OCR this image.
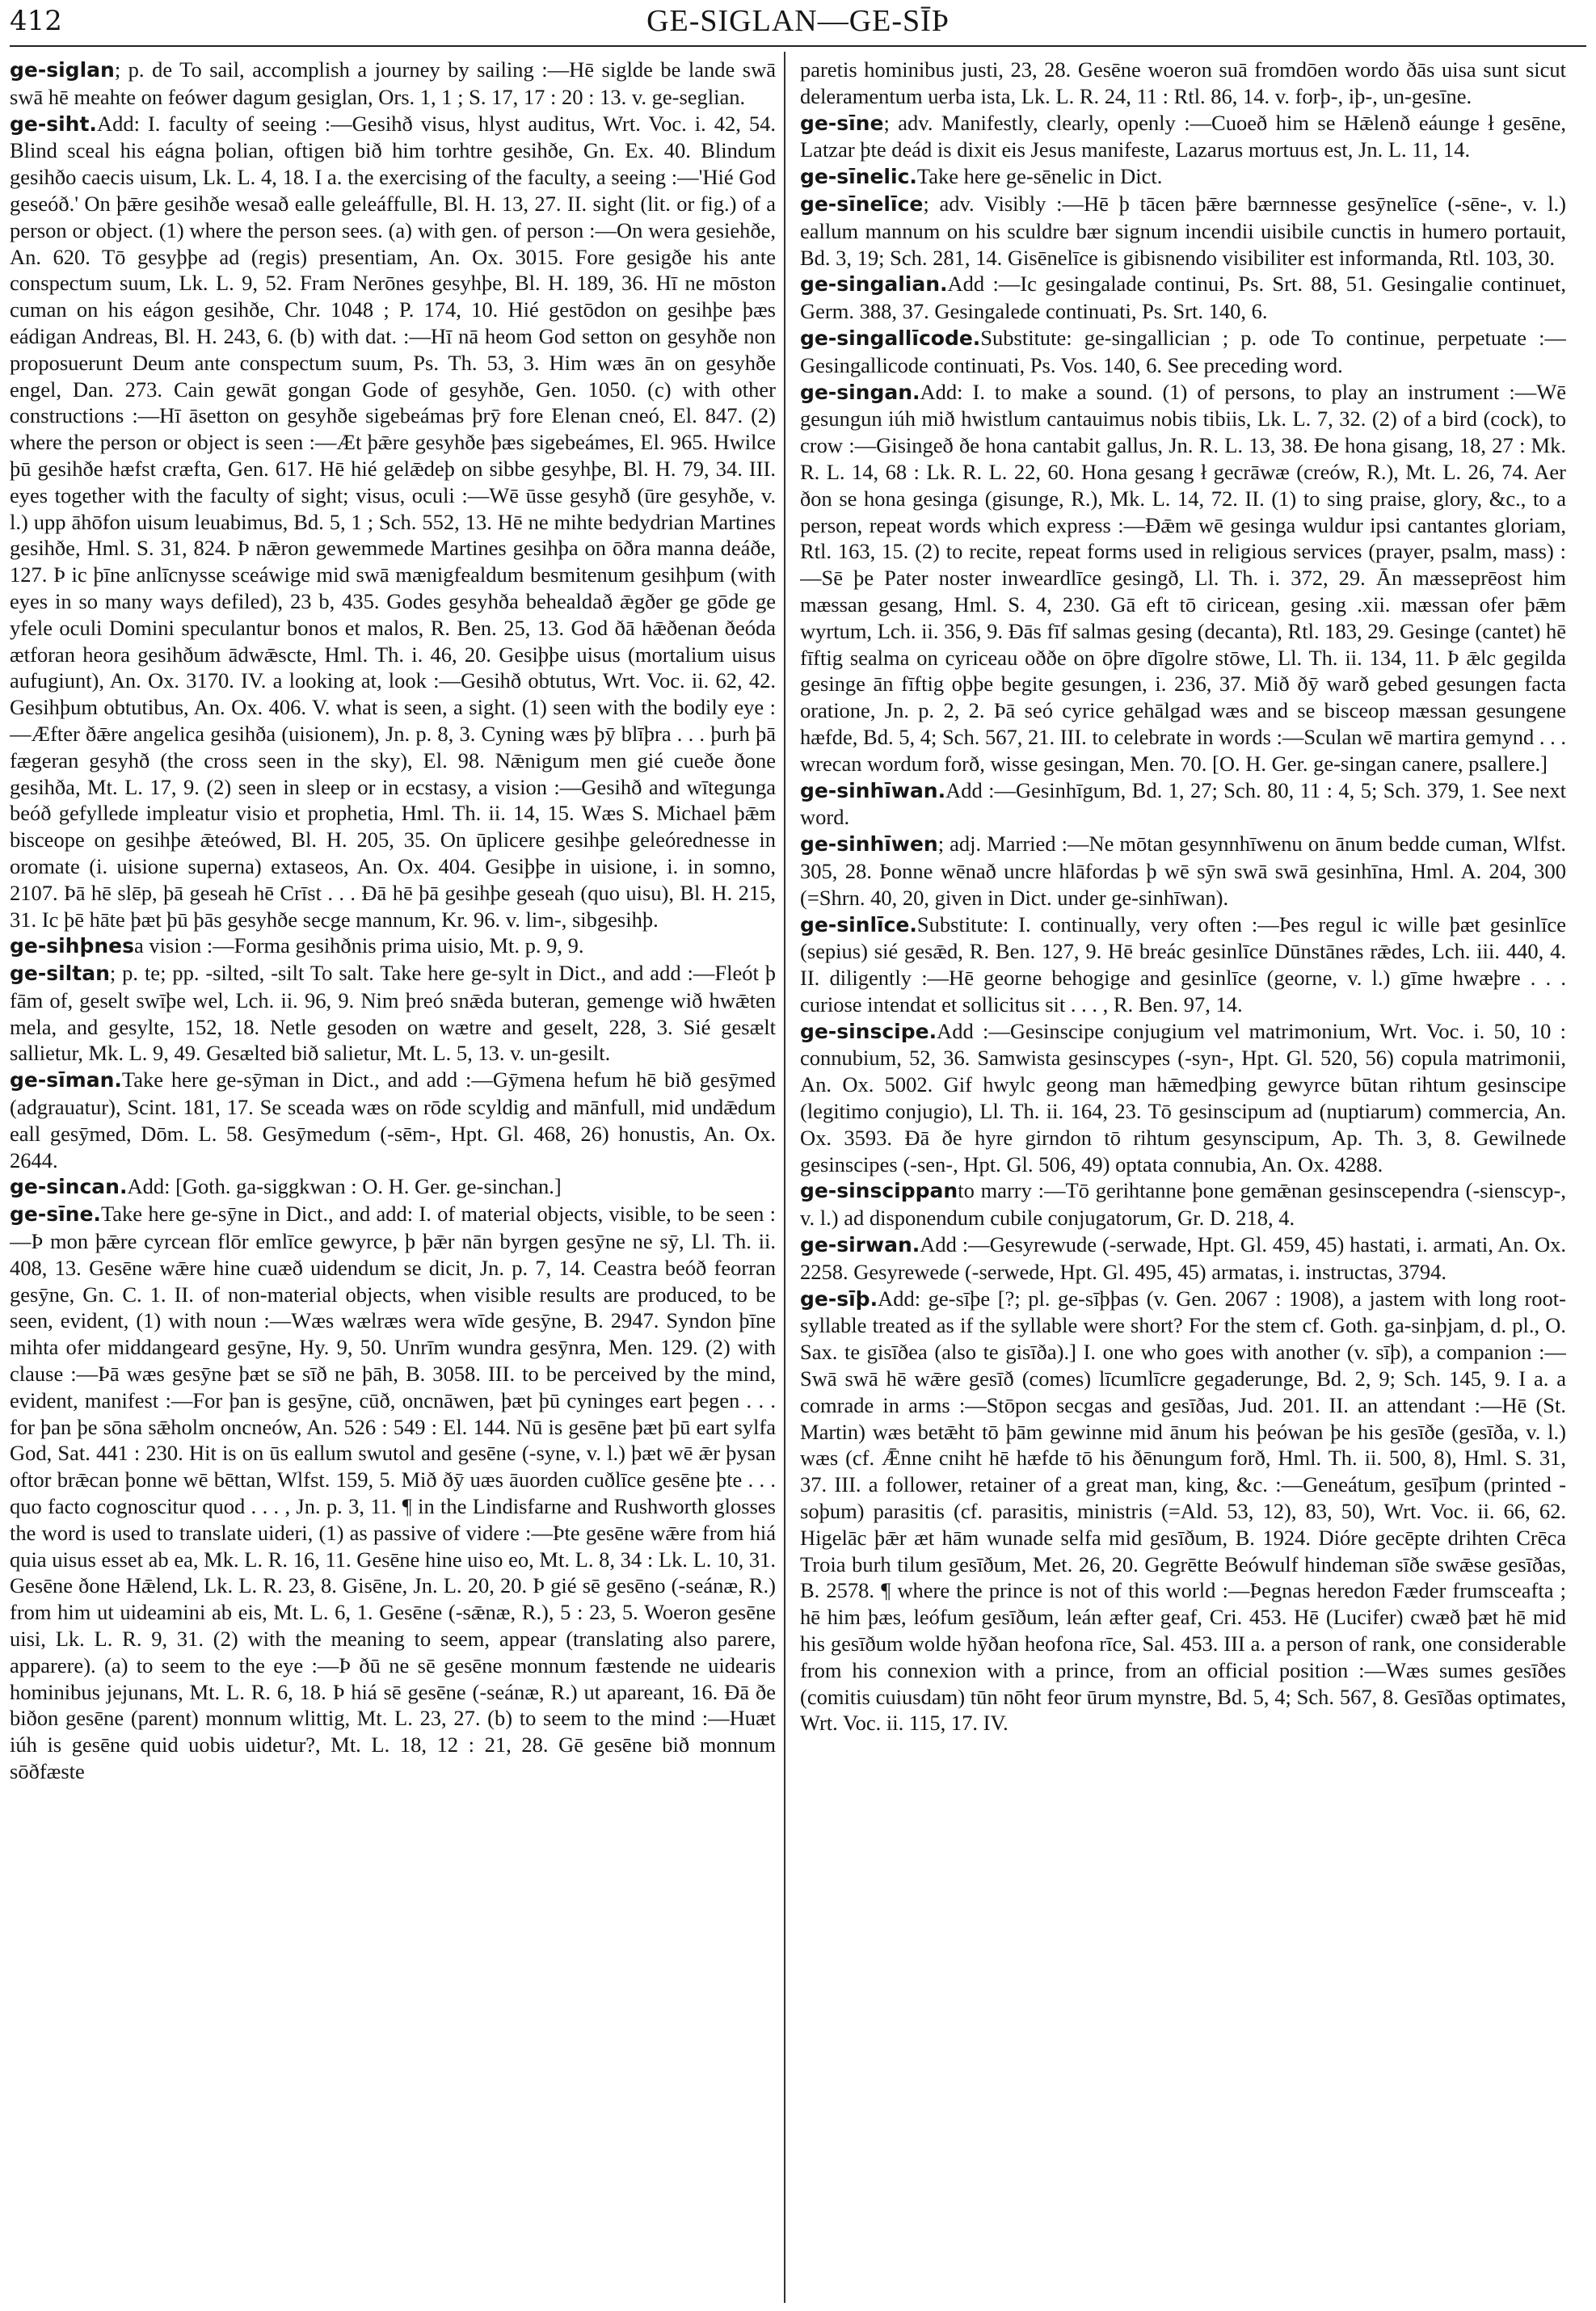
412	GE-SIGLAN—GE-SĪÞ

ge-siglan; p. de To sail, accomplish a journey by sailing :—Hē siglde be lande swā swā hē meahte on feówer dagum gesiglan, Ors. 1, 1 ; S. 17, 17 : 20 : 13. v. ge-seglian.

ge-siht.Add: I. faculty of seeing :—Gesihð visus, hlyst auditus, Wrt. Voc. i. 42, 54. Blind sceal his eágna þolian, oftigen bið him torhtre gesihðe, Gn. Ex. 40. Blindum gesihðo caecis uisum, Lk. L. 4, 18. I a. the exercising of the faculty, a seeing :—'Hié God geseóð.' On þǣre gesihðe wesað ealle geleáffulle, Bl. H. 13, 27. II. sight (lit. or fig.) of a person or object. (1) where the person sees. (a) with gen. of person :—On wera gesiehðe, An. 620. Tō gesyþþe ad (regis) presentiam, An. Ox. 3015. Fore gesigðe his ante conspectum suum, Lk. L. 9, 52. Fram Nerōnes gesyhþe, Bl. H. 189, 36. Hī ne mōston cuman on his eágon gesihðe, Chr. 1048 ; P. 174, 10. Hié gestōdon on gesihþe þæs eádigan Andreas, Bl. H. 243, 6. (b) with dat. :—Hī nā heom God setton on gesyhðe non proposuerunt Deum ante conspectum suum, Ps. Th. 53, 3. Him wæs ān on gesyhðe engel, Dan. 273. Cain gewāt gongan Gode of gesyhðe, Gen. 1050. (c) with other constructions :—Hī āsetton on gesyhðe sigebeámas þrȳ fore Elenan cneó, El. 847. (2) where the person or object is seen :—Æt þǣre gesyhðe þæs sigebeámes, El. 965. Hwilce þū gesihðe hæfst cræfta, Gen. 617. Hē hié gelǣdeþ on sibbe gesyhþe, Bl. H. 79, 34. III. eyes together with the faculty of sight; visus, oculi :—Wē ūsse gesyhð (ūre gesyhðe, v. l.) upp āhōfon uisum leuabimus, Bd. 5, 1 ; Sch. 552, 13. Hē ne mihte bedydrian Martines gesihðe, Hml. S. 31, 824. Þ nǣron gewemmede Martines gesihþa on ōðra manna deáðe, 127. Þ ic þīne anlīcnysse sceáwige mid swā mænigfealdum besmitenum gesihþum (with eyes in so many ways defiled), 23 b, 435. Godes gesyhða behealdað ǣgðer ge gōde ge yfele oculi Domini speculantur bonos et malos, R. Ben. 25, 13. God ðā hǣðenan ðeóda ætforan heora gesihðum ādwǣscte, Hml. Th. i. 46, 20. Gesiþþe uisus (mortalium uisus aufugiunt), An. Ox. 3170. IV. a looking at, look :—Gesihð obtutus, Wrt. Voc. ii. 62, 42. Gesihþum obtutibus, An. Ox. 406. V. what is seen, a sight. (1) seen with the bodily eye :—Æfter ðǣre angelica gesihða (uisionem), Jn. p. 8, 3. Cyning wæs þȳ blīþra . . . þurh þā fægeran gesyhð (the cross seen in the sky), El. 98. Nǣnigum men gié cueðe ðone gesihða, Mt. L. 17, 9. (2) seen in sleep or in ecstasy, a vision :—Gesihð and wītegunga beóð gefyllede impleatur visio et prophetia, Hml. Th. ii. 14, 15. Wæs S. Michael þǣm bisceope on gesihþe ǣteówed, Bl. H. 205, 35. On ūplicere gesihþe geleórednesse in oromate (i. uisione superna) extaseos, An. Ox. 404. Gesiþþe in uisione, i. in somno, 2107. Þā hē slēp, þā geseah hē Crīst . . . Ðā hē þā gesihþe geseah (quo uisu), Bl. H. 215, 31. Ic þē hāte þæt þū þās gesyhðe secge mannum, Kr. 96. v. lim-, sibgesihþ.

ge-sihþnesa vision :—Forma gesihðnis prima uisio, Mt. p. 9, 9.

ge-siltan; p. te; pp. -silted, -silt To salt. Take here ge-sylt in Dict., and add :—Fleót þ fām of, geselt swīþe wel, Lch. ii. 96, 9. Nim þreó snǣda buteran, gemenge wið hwǣten mela, and gesylte, 152, 18. Netle gesoden on wætre and geselt, 228, 3. Sié gesælt sallietur, Mk. L. 9, 49. Gesælted bið salietur, Mt. L. 5, 13. v. un-gesilt.

ge-sīman.Take here ge-sȳman in Dict., and add :—Gȳmena hefum hē bið gesȳmed (adgrauatur), Scint. 181, 17. Se sceada wæs on rōde scyldig and mānfull, mid undǣdum eall gesȳmed, Dōm. L. 58. Gesȳmedum (-sēm-, Hpt. Gl. 468, 26) honustis, An. Ox. 2644.

ge-sincan.Add: [Goth. ga-siggkwan : O. H. Ger. ge-sinchan.]

ge-sīne.Take here ge-sȳne in Dict., and add: I. of material objects, visible, to be seen :—Þ mon þǣre cyrcean flōr emlīce gewyrce, þ þǣr nān byrgen gesȳne ne sȳ, Ll. Th. ii. 408, 13. Gesēne wǣre hine cuæð uidendum se dicit, Jn. p. 7, 14. Ceastra beóð feorran gesȳne, Gn. C. 1. II. of non-material objects, when visible results are produced, to be seen, evident, (1) with noun :—Wæs wælræs wera wīde gesȳne, B. 2947. Syndon þīne mihta ofer middangeard gesȳne, Hy. 9, 50. Unrīm wundra gesȳnra, Men. 129. (2) with clause :—Þā wæs gesȳne þæt se sīð ne þāh, B. 3058. III. to be perceived by the mind, evident, manifest :—For þan is gesȳne, cūð, oncnāwen, þæt þū cyninges eart þegen . . . for þan þe sōna sǣholm oncneów, An. 526 : 549 : El. 144. Nū is gesēne þæt þū eart sylfa God, Sat. 441 : 230. Hit is on ūs eallum swutol and gesēne (-syne, v. l.) þæt wē ǣr þysan oftor brǣcan þonne wē bēttan, Wlfst. 159, 5. Mið ðȳ uæs āuorden cuðlīce gesēne þte . . . quo facto cognoscitur quod . . . , Jn. p. 3, 11. ¶ in the Lindisfarne and Rushworth glosses the word is used to translate uideri, (1) as passive of videre :—Þte gesēne wǣre from hiá quia uisus esset ab ea, Mk. L. R. 16, 11. Gesēne hine uiso eo, Mt. L. 8, 34 : Lk. L. 10, 31. Gesēne ðone Hǣlend, Lk. L. R. 23, 8. Gisēne, Jn. L. 20, 20. Þ gié sē gesēno (-seánæ, R.) from him ut uideamini ab eis, Mt. L. 6, 1. Gesēne (-sǣnæ, R.), 5 : 23, 5. Woeron gesēne uisi, Lk. L. R. 9, 31. (2) with the meaning to seem, appear (translating also parere, apparere). (a) to seem to the eye :—Þ ðū ne sē gesēne monnum fæstende ne uidearis hominibus jejunans, Mt. L. R. 6, 18. Þ hiá sē gesēne (-seánæ, R.) ut apareant, 16. Ðā ðe biðon gesēne (parent) monnum wlittig, Mt. L. 23, 27. (b) to seem to the mind :—Huæt iúh is gesēne quid uobis uidetur?, Mt. L. 18, 12 : 21, 28. Gē gesēne bið monnum sōðfæste

paretis hominibus justi, 23, 28. Gesēne woeron suā fromdōen wordo ðās uisa sunt sicut deleramentum uerba ista, Lk. L. R. 24, 11 : Rtl. 86, 14. v. forþ-, iþ-, un-gesīne.

ge-sīne; adv. Manifestly, clearly, openly :—Cuoeð him se Hǣlenð eáunge ł gesēne, Latzar þte deád is dixit eis Jesus manifeste, Lazarus mortuus est, Jn. L. 11, 14.

ge-sīnelic.Take here ge-sēnelic in Dict.

ge-sīnelīce; adv. Visibly :—Hē þ tācen þǣre bærnnesse gesȳnelīce (-sēne-, v. l.) eallum mannum on his sculdre bær signum incendii uisibile cunctis in humero portauit, Bd. 3, 19; Sch. 281, 14. Gisēnelīce is gibisnendo visibiliter est informanda, Rtl. 103, 30.

ge-singalian.Add :—Ic gesingalade continui, Ps. Srt. 88, 51. Gesingalie continuet, Germ. 388, 37. Gesingalede continuati, Ps. Srt. 140, 6.

ge-singallīcode.Substitute: ge-singallician ; p. ode To continue, perpetuate :—Gesingallicode continuati, Ps. Vos. 140, 6. See preceding word.

ge-singan.Add: I. to make a sound. (1) of persons, to play an instrument :—Wē gesungun iúh mið hwistlum cantauimus nobis tibiis, Lk. L. 7, 32. (2) of a bird (cock), to crow :—Gisingeð ðe hona cantabit gallus, Jn. R. L. 13, 38. Ðe hona gisang, 18, 27 : Mk. R. L. 14, 68 : Lk. R. L. 22, 60. Hona gesang ł gecrāwæ (creów, R.), Mt. L. 26, 74. Aer ðon se hona gesinga (gisunge, R.), Mk. L. 14, 72. II. (1) to sing praise, glory, &c., to a person, repeat words which express :—Ðǣm wē gesinga wuldur ipsi cantantes gloriam, Rtl. 163, 15. (2) to recite, repeat forms used in religious services (prayer, psalm, mass) :—Sē þe Pater noster inweardlīce gesingð, Ll. Th. i. 372, 29. Ān mæsseprēost him mæssan gesang, Hml. S. 4, 230. Gā eft tō ciricean, gesing .xii. mæssan ofer þǣm wyrtum, Lch. ii. 356, 9. Ðās fīf salmas gesing (decanta), Rtl. 183, 29. Gesinge (cantet) hē fīftig sealma on cyriceau oððe on ōþre dīgolre stōwe, Ll. Th. ii. 134, 11. Þ ǣlc gegilda gesinge ān fīftig oþþe begite gesungen, i. 236, 37. Mið ðȳ warð gebed gesungen facta oratione, Jn. p. 2, 2. Þā seó cyrice gehālgad wæs and se bisceop mæssan gesungene hæfde, Bd. 5, 4; Sch. 567, 21. III. to celebrate in words :—Sculan wē martira gemynd . . . wrecan wordum forð, wisse gesingan, Men. 70. [O. H. Ger. ge-singan canere, psallere.]

ge-sinhīwan.Add :—Gesinhīgum, Bd. 1, 27; Sch. 80, 11 : 4, 5; Sch. 379, 1. See next word.

ge-sinhīwen; adj. Married :—Ne mōtan gesynnhīwenu on ānum bedde cuman, Wlfst. 305, 28. Þonne wēnað uncre hlāfordas þ wē sȳn swā swā gesinhīna, Hml. A. 204, 300 (=Shrn. 40, 20, given in Dict. under ge-sinhīwan).

ge-sinlīce.Substitute: I. continually, very often :—Þes regul ic wille þæt gesinlīce (sepius) sié gesǣd, R. Ben. 127, 9. Hē breác gesinlīce Dūnstānes rǣdes, Lch. iii. 440, 4. II. diligently :—Hē geornе behogige and gesinlīce (georne, v. l.) gīme hwæþre . . . curiose intendat et sollicitus sit . . . , R. Ben. 97, 14.

ge-sinscipe.Add :—Gesinscipe conjugium vel matrimonium, Wrt. Voc. i. 50, 10 : connubium, 52, 36. Samwista gesinscypes (-syn-, Hpt. Gl. 520, 56) copula matrimonii, An. Ox. 5002. Gif hwylc geong man hǣmedþing gewyrce būtan rihtum gesinscipe (legitimo conjugio), Ll. Th. ii. 164, 23. Tō gesinscipum ad (nuptiarum) commercia, An. Ox. 3593. Ðā ðe hyre girndon tō rihtum gesynscipum, Ap. Th. 3, 8. Gewilnede gesinscipes (-sen-, Hpt. Gl. 506, 49) optata connubia, An. Ox. 4288.

ge-sinscippanto marry :—Tō gerihtanne þone gemǣnan gesinscependra (-sienscyp-, v. l.) ad disponendum cubile conjugatorum, Gr. D. 218, 4.

ge-sirwan.Add :—Gesyrewude (-serwade, Hpt. Gl. 459, 45) hastati, i. armati, An. Ox. 2258. Gesyrewede (-serwede, Hpt. Gl. 495, 45) armatas, i. instructas, 3794.

ge-sīþ.Add: ge-sīþe [?; pl. ge-sīþþas (v. Gen. 2067 : 1908), a jastem with long root-syllable treated as if the syllable were short? For the stem cf. Goth. ga-sinþjam, d. pl., O. Sax. te gisīðea (also te gisīða).] I. one who goes with another (v. sīþ), a companion :—Swā swā hē wǣre gesīð (comes) līcumlīcre gegaderunge, Bd. 2, 9; Sch. 145, 9. I a. a comrade in arms :—Stōpon secgas and gesīðas, Jud. 201. II. an attendant :—Hē (St. Martin) wæs betǣht tō þām gewinne mid ānum his þeówan þe his gesīðe (gesīða, v. l.) wæs (cf. Ǣnne cniht hē hæfde tō his ðēnungum forð, Hml. Th. ii. 500, 8), Hml. S. 31, 37. III. a follower, retainer of a great man, king, &c. :—Geneátum, gesīþum (printed -soþum) parasitis (cf. parasitis, ministris (=Ald. 53, 12), 83, 50), Wrt. Voc. ii. 66, 62. Higelāc þǣr æt hām wunade selfa mid gesīðum, B. 1924. Dióre gecēpte drihten Crēca Troia burh tilum gesīðum, Met. 26, 20. Gegrētte Beówulf hindeman sīðe swǣse gesīðas, B. 2578. ¶ where the prince is not of this world :—Þegnas heredon Fæder frumsceafta ; hē him þæs, leófum gesīðum, leán æfter geaf, Cri. 453. Hē (Lucifer) cwæð þæt hē mid his gesīðum wolde hȳðan heofona rīce, Sal. 453. III a. a person of rank, one considerable from his connexion with a prince, from an official position :—Wæs sumes gesīðes (comitis cuiusdam) tūn nōht feor ūrum mynstre, Bd. 5, 4; Sch. 567, 8. Gesīðas optimates, Wrt. Voc. ii. 115, 17. IV.
